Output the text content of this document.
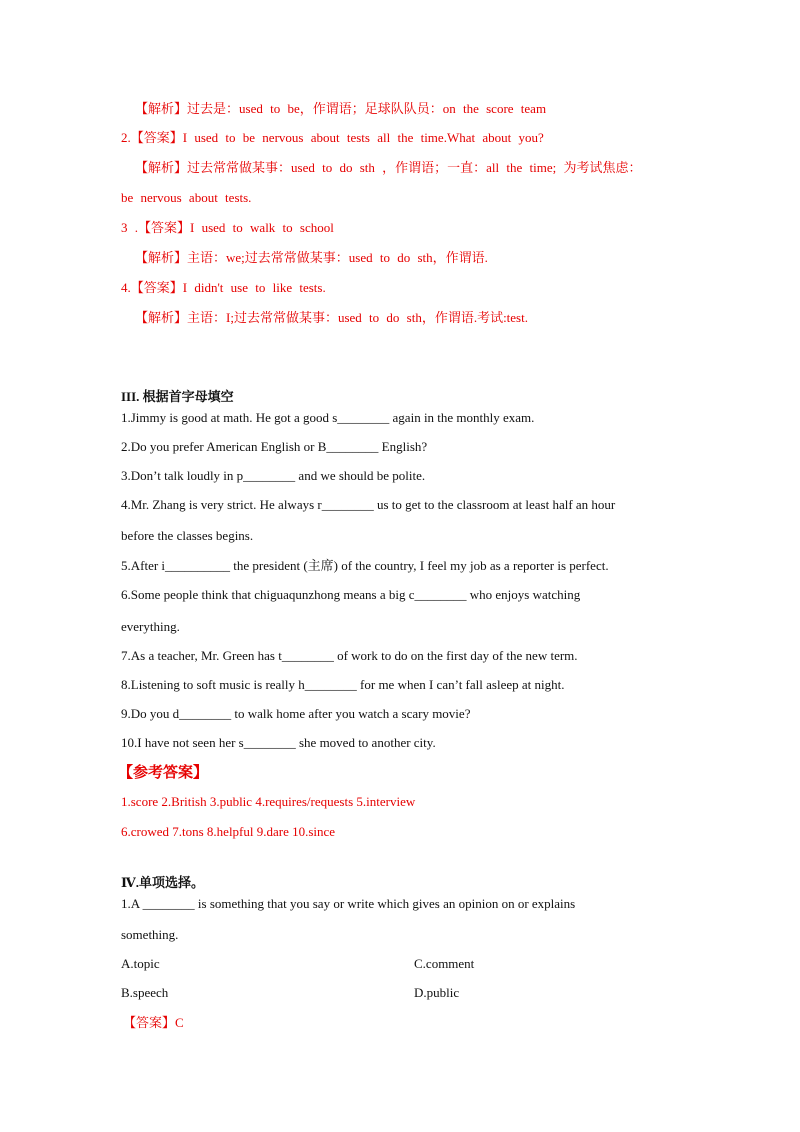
【解析】过去是：used to be，作谓语；足球队队员：on the score team
2.【答案】I used to be nervous about tests all the time.What about you?
【解析】过去常常做某事：used to do sth ，作谓语；一直：all the time; 为考试焦虑：
be nervous about tests.
3 .【答案】I used to walk to school
【解析】主语：we;过去常常做某事：used to do sth，作谓语.
4.【答案】I didn't use to like tests.
【解析】主语：I;过去常常做某事：used to do sth，作谓语.考试:test.
III. 根据首字母填空
1.Jimmy is good at math. He got a good s________ again in the monthly exam.
2.Do you prefer American English or B________ English?
3.Don’t talk loudly in p________ and we should be polite.
4.Mr. Zhang is very strict. He always r________ us to get to the classroom at least half an hour
before the classes begins.
5.After i__________ the president (主席) of the country, I feel my job as a reporter is perfect.
6.Some people think that chiguaqunzhong means a big c________ who enjoys watching
everything.
7.As a teacher, Mr. Green has t________ of work to do on the first day of the new term.
8.Listening to soft music is really h________ for me when I can’t fall asleep at night.
9.Do you d________ to walk home after you watch a scary movie?
10.I have not seen her s________ she moved to another city.
【参考答案】
1.score 2.British 3.public 4.requires/requests 5.interview
6.crowed 7.tons 8.helpful 9.dare 10.since
Ⅳ.单项选择。
1.A ________ is something that you say or write which gives an opinion on or explains
something.
A.topic	C.comment
B.speech	D.public
【答案】C
